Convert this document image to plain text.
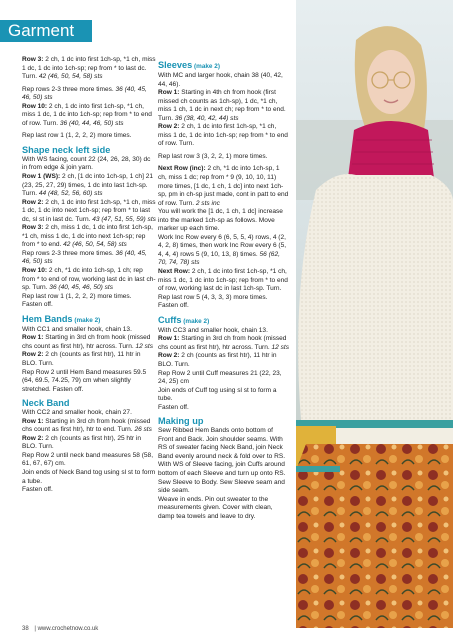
Garment
Row 3: 2 ch, 1 dc into first 1ch-sp, *1 ch, miss 1 dc, 1 dc into 1ch-sp; rep from * to last dc. Turn. 42 (46, 50, 54, 58) sts
Rep rows 2-3 three more times. 36 (40, 45, 46, 50) sts
Row 10: 2 ch, 1 dc into first 1ch-sp, *1 ch, miss 1 dc, 1 dc into 1ch-sp; rep from * to end of row. Turn. 36 (40, 44, 46, 50) sts
Rep last row 1 (1, 2, 2, 2) more times.
Shape neck left side
With WS facing, count 22 (24, 26, 28, 30) dc in from edge & join yarn.
Row 1 (WS): 2 ch, [1 dc into 1ch-sp, 1 ch] 21 (23, 25, 27, 29) times, 1 dc into last 1ch-sp. Turn. 44 (48, 52, 56, 60) sts
Row 2: 2 ch, 1 dc into first 1ch-sp, *1 ch, miss 1 dc, 1 dc into next 1ch-sp; rep from * to last dc, sl st in last dc. Turn. 43 (47, 51, 55, 59) sts
Row 3: 2 ch, miss 1 dc, 1 dc into first 1ch-sp, *1 ch, miss 1 dc, 1 dc into next 1ch-sp; rep from * to end. 42 (46, 50, 54, 58) sts
Rep rows 2-3 three more times. 36 (40, 45, 46, 50) sts
Row 10: 2 ch, *1 dc into 1ch-sp, 1 ch; rep from * to end of row, working last dc in last ch-sp. Turn. 36 (40, 45, 46, 50) sts
Rep last row 1 (1, 2, 2, 2) more times.
Fasten off.
Hem Bands (make 2)
With CC1 and smaller hook, chain 13.
Row 1: Starting in 3rd ch from hook (missed chs count as first htr), htr across. Turn. 12 sts
Row 2: 2 ch (counts as first htr), 11 htr in BLO. Turn.
Rep Row 2 until Hem Band measures 59.5 (64, 69.5, 74.25, 79) cm when slightly stretched. Fasten off.
Neck Band
With CC2 and smaller hook, chain 27.
Row 1: Starting in 3rd ch from hook (missed chs count as first htr), htr to end. Turn. 26 sts
Row 2: 2 ch (counts as first htr), 25 htr in BLO. Turn.
Rep Row 2 until neck band measures 58 (58, 61, 67, 67) cm.
Join ends of Neck Band tog using sl st to form a tube.
Fasten off.
Sleeves (make 2)
With MC and larger hook, chain 38 (40, 42, 44, 46).
Row 1: Starting in 4th ch from hook (first missed ch counts as 1ch-sp), 1 dc, *1 ch, miss 1 ch, 1 dc in next ch; rep from * to end. Turn. 36 (38, 40, 42, 44) sts
Row 2: 2 ch, 1 dc into first 1ch-sp, *1 ch, miss 1 dc, 1 dc into 1ch-sp; rep from * to end of row. Turn.
Rep last row 3 (3, 2, 2, 1) more times.
Next Row (inc): 2 ch, *1 dc into 1ch-sp, 1 ch, miss 1 dc; rep from * 9 (9, 10, 10, 11) more times, [1 dc, 1 ch, 1 dc] into next 1ch-sp, pm in ch-sp just made, cont in patt to end of row. Turn. 2 sts inc
You will work the [1 dc, 1 ch, 1 dc] increase into the marked 1ch-sp as follows. Move marker up each time.
Work Inc Row every 6 (6, 5, 5, 4) rows, 4 (2, 4, 2, 8) times, then work Inc Row every 6 (5, 4, 4, 4) rows 5 (9, 10, 13, 8) times. 56 (62, 70, 74, 78) sts
Next Row: 2 ch, 1 dc into first 1ch-sp, *1 ch, miss 1 dc, 1 dc into 1ch-sp; rep from * to end of row, working last dc in last 1ch-sp. Turn.
Rep last row 5 (4, 3, 3, 3) more times.
Fasten off.
Cuffs (make 2)
With CC3 and smaller hook, chain 13.
Row 1: Starting in 3rd ch from hook (missed chs count as first htr), htr across. Turn. 12 sts
Row 2: 2 ch (counts as first htr), 11 htr in BLO. Turn.
Rep Row 2 until Cuff measures 21 (22, 23, 24, 25) cm
Join ends of Cuff tog using sl st to form a tube.
Fasten off.
Making up
Sew Ribbed Hem Bands onto bottom of Front and Back. Join shoulder seams. With RS of sweater facing Neck Band, join Neck Band evenly around neck & fold over to RS. With WS of Sleeve facing, join Cuffs around bottom of each Sleeve and turn up onto RS. Sew Sleeve to Body. Sew Sleeve seam and side seam.
Weave in ends. Pin out sweater to the measurements given. Cover with clean, damp tea towels and leave to dry.
38 | www.crochetnow.co.uk
